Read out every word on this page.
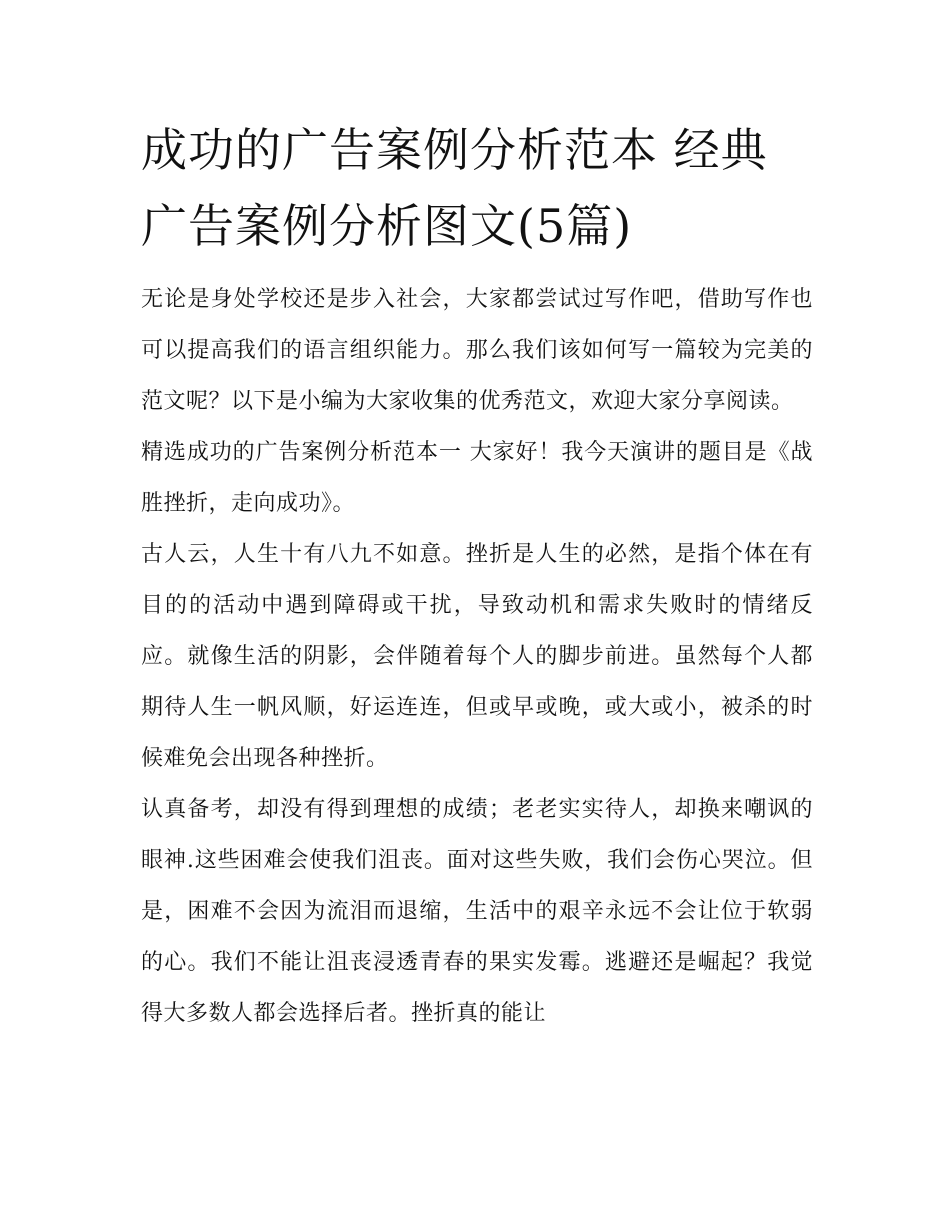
成功的广告案例分析范本 经典广告案例分析图文(5篇)

无论是身处学校还是步入社会，大家都尝试过写作吧，借助写作也可以提高我们的语言组织能力。那么我们该如何写一篇较为完美的范文呢？以下是小编为大家收集的优秀范文，欢迎大家分享阅读。

精选成功的广告案例分析范本一 大家好！我今天演讲的题目是《战胜挫折，走向成功》。

古人云，人生十有八九不如意。挫折是人生的必然，是指个体在有目的的活动中遇到障碍或干扰，导致动机和需求失败时的情绪反应。就像生活的阴影，会伴随着每个人的脚步前进。虽然每个人都期待人生一帆风顺，好运连连，但或早或晚，或大或小，被杀的时候难免会出现各种挫折。

认真备考，却没有得到理想的成绩；老老实实待人，却换来嘲讽的眼神.这些困难会使我们沮丧。面对这些失败，我们会伤心哭泣。但是，困难不会因为流泪而退缩，生活中的艰辛永远不会让位于软弱的心。我们不能让沮丧浸透青春的果实发霉。逃避还是崛起？我觉得大多数人都会选择后者。挫折真的能让
